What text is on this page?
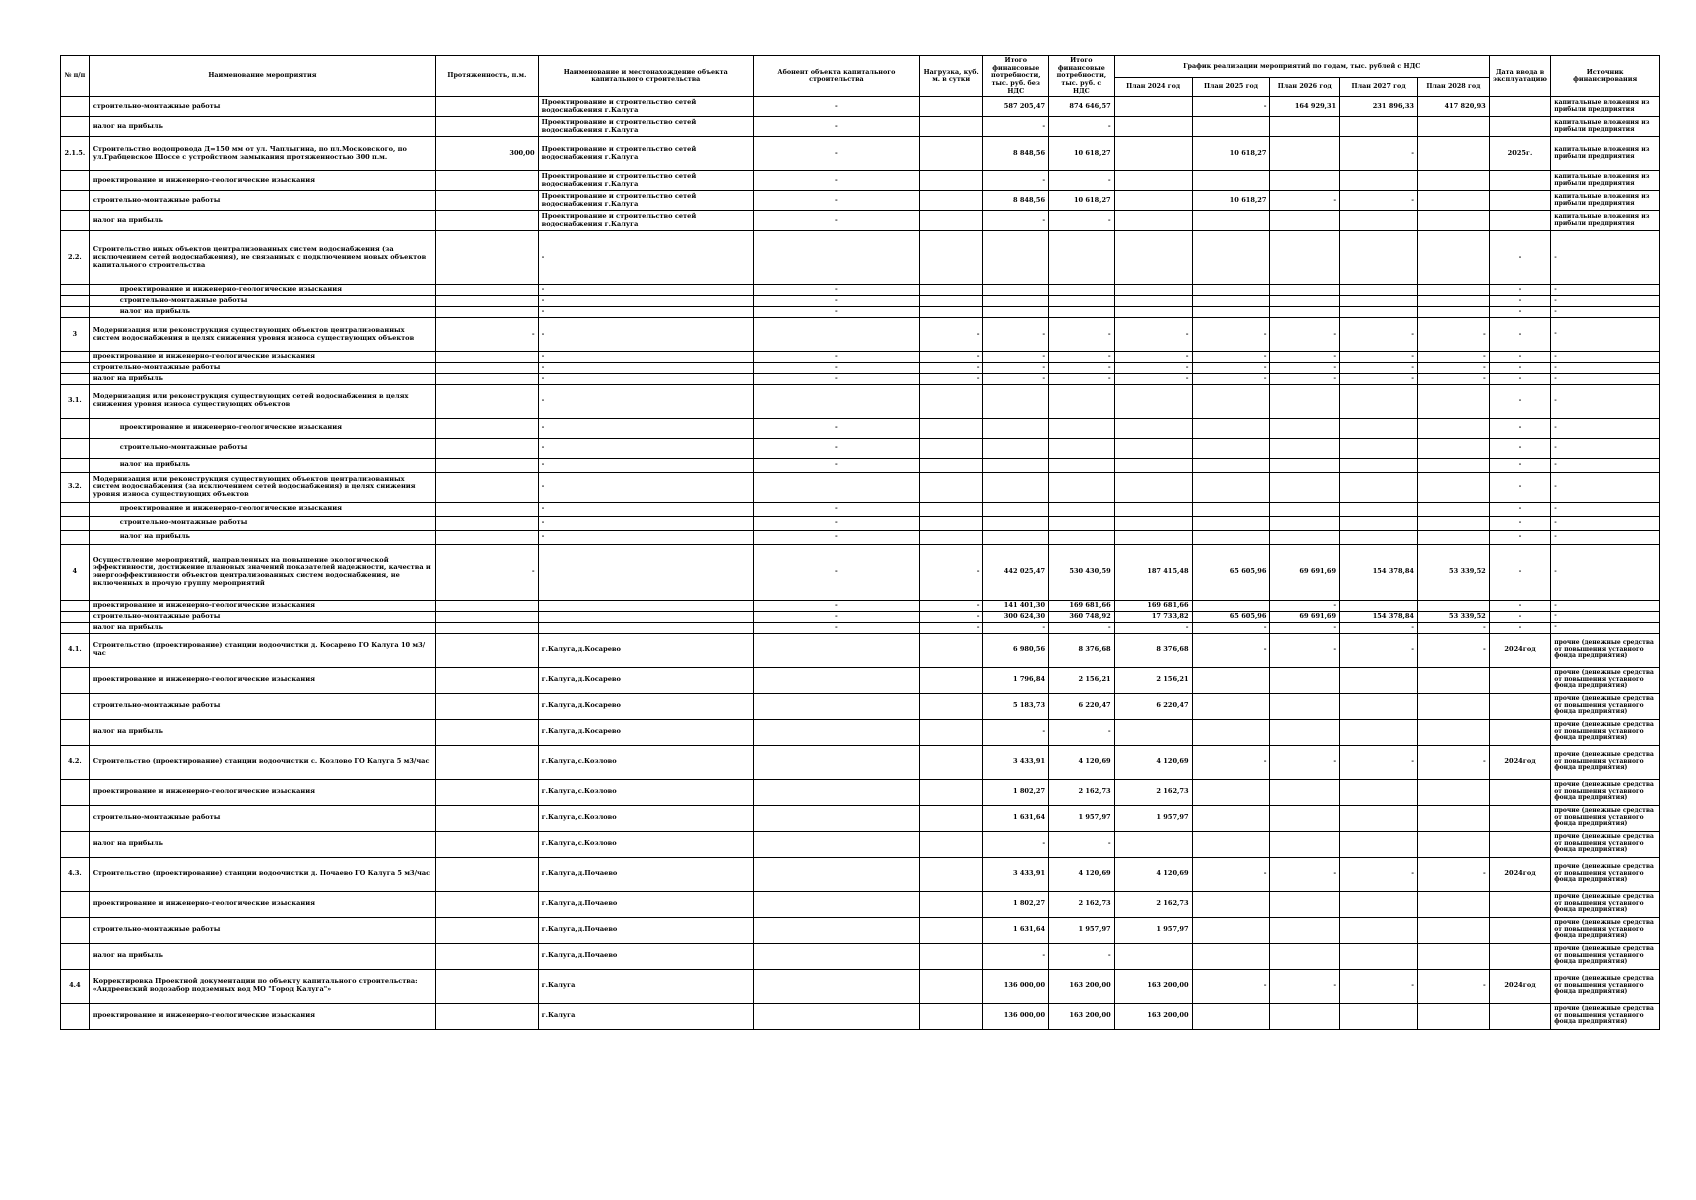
№ п/п	Наименование мероприятия	Протяженность, п.м.	Наименование и местонахождение объекта капитального строительства	Абонент объекта капитального строительства	Нагрузка, куб. м. в сутки	Итого финансовые потребности, тыс. руб. без НДС	Итого финансовые потребности, тыс. руб. с НДС	График реализации мероприятий по годам, тыс. рублей с НДС					Дата ввода в эксплуатацию	Источник финансирования
								План 2024 год	План 2025 год	План 2026 год	План 2027 год	План 2028 год		
	строительно-монтажные работы		Проектирование и строительство сетей водоснабжения г.Калуга	-		587 205,47	874 646,57		-	164 929,31	231 896,33	417 820,93		капитальные вложения из прибыли предприятия
	налог на прибыль		Проектирование и строительство сетей водоснабжения г.Калуга	-		-	-							капитальные вложения из прибыли предприятия
2.1.5.	Строительство водопровода Д=150 мм от ул. Чаплыгина, по пл.Московского, по ул.Грабцевское Шоссе с устройством замыкания протяженностью 300 п.м.	300,00	Проектирование и строительство сетей водоснабжения г.Калуга	-		8 848,56	10 618,27		10 618,27		-		2025г.	капитальные вложения из прибыли предприятия
	проектирование и инженерно-геологические изыскания		Проектирование и строительство сетей водоснабжения г.Калуга	-		-	-							капитальные вложения из прибыли предприятия
	строительно-монтажные работы		Проектирование и строительство сетей водоснабжения г.Калуга	-		8 848,56	10 618,27		10 618,27	-	-			капитальные вложения из прибыли предприятия
	налог на прибыль		Проектирование и строительство сетей водоснабжения г.Калуга	-		-	-							капитальные вложения из прибыли предприятия
2.2.	Строительство иных объектов централизованных систем водоснабжения (за исключением сетей водоснабжения), не связанных с подключением новых объектов капитального строительства		-										-	-
	проектирование и инженерно-геологические изыскания		-	-									-	-
	строительно-монтажные работы		-	-									-	-
	налог на прибыль		-	-									-	-
3	Модернизация или реконструкция существующих объектов централизованных систем водоснабжения в целях снижения уровня износа существующих объектов	-	-		-	-	-	-	-	-	-	-	-	-
	проектирование и инженерно-геологические изыскания		-	-	-	-	-	-	-	-	-	-	-	-
	строительно-монтажные работы		-	-	-	-	-	-	-	-	-	-	-	-
	налог на прибыль		-	-	-	-	-	-	-	-	-	-	-	-
3.1.	Модернизация или реконструкция существующих сетей водоснабжения в целях снижения уровня износа существующих объектов		-										-	-
	проектирование и инженерно-геологические изыскания		-	-									-	-
	строительно-монтажные работы		-	-									-	-
	налог на прибыль		-	-									-	-
3.2.	Модернизация или реконструкция существующих объектов централизованных систем водоснабжения (за исключением сетей водоснабжения) в целях снижения уровня износа существующих объектов		-										-	-
	проектирование и инженерно-геологические изыскания		-	-									-	-
	строительно-монтажные работы		-	-									-	-
	налог на прибыль		-	-									-	-
4	Осуществление мероприятий, направленных на повышение экологической эффективности, достижение плановых значений показателей надежности, качества и энергоэффективности объектов централизованных систем водоснабжения, не включенных в прочую группу мероприятий	-		-	-	442 025,47	530 430,59	187 415,48	65 605,96	69 691,69	154 378,84	53 339,52	-	-
	проектирование и инженерно-геологические изыскания			-	-	141 401,30	169 681,66	169 681,66		-			-	-
	строительно-монтажные работы			-	-	300 624,30	360 748,92	17 733,82	65 605,96	69 691,69	154 378,84	53 339,52	-	-
	налог на прибыль			-	-	-	-	-	-	-	-	-	-	-
4.1.	Строительство (проектирование) станции водоочистки д. Косарево ГО Калуга 10 м3/час		г.Калуга,д.Косарево			6 980,56	8 376,68	8 376,68	-	-	-	-	2024год	прочие (денежные средства от повышения уставного фонда предприятия)
	проектирование и инженерно-геологические изыскания		г.Калуга,д.Косарево			1 796,84	2 156,21	2 156,21						прочие (денежные средства от повышения уставного фонда предприятия)
	строительно-монтажные работы		г.Калуга,д.Косарево			5 183,73	6 220,47	6 220,47						прочие (денежные средства от повышения уставного фонда предприятия)
	налог на прибыль		г.Калуга,д.Косарево			-	-							прочие (денежные средства от повышения уставного фонда предприятия)
4.2.	Строительство (проектирование) станции водоочистки с. Козлово ГО Калуга 5 м3/час		г.Калуга,с.Козлово			3 433,91	4 120,69	4 120,69	-	-	-	-	2024год	прочие (денежные средства от повышения уставного фонда предприятия)
	проектирование и инженерно-геологические изыскания		г.Калуга,с.Козлово			1 802,27	2 162,73	2 162,73						прочие (денежные средства от повышения уставного фонда предприятия)
	строительно-монтажные работы		г.Калуга,с.Козлово			1 631,64	1 957,97	1 957,97						прочие (денежные средства от повышения уставного фонда предприятия)
	налог на прибыль		г.Калуга,с.Козлово			-	-							прочие (денежные средства от повышения уставного фонда предприятия)
4.3.	Строительство (проектирование) станции водоочистки д. Почаево ГО Калуга 5 м3/час		г.Калуга,д.Почаево			3 433,91	4 120,69	4 120,69	-	-	-	-	2024год	прочие (денежные средства от повышения уставного фонда предприятия)
	проектирование и инженерно-геологические изыскания		г.Калуга,д.Почаево			1 802,27	2 162,73	2 162,73						прочие (денежные средства от повышения уставного фонда предприятия)
	строительно-монтажные работы		г.Калуга,д.Почаево			1 631,64	1 957,97	1 957,97						прочие (денежные средства от повышения уставного фонда предприятия)
	налог на прибыль		г.Калуга,д.Почаево			-	-							прочие (денежные средства от повышения уставного фонда предприятия)
4.4	Корректировка Проектной документации по объекту капитального строительства: «Андреевский водозабор подземных вод МО "Город Калуга"»		г.Калуга			136 000,00	163 200,00	163 200,00	-	-	-	-	2024год	прочие (денежные средства от повышения уставного фонда предприятия)
	проектирование и инженерно-геологические изыскания		г.Калуга			136 000,00	163 200,00	163 200,00						прочие (денежные средства от повышения уставного фонда предприятия)
